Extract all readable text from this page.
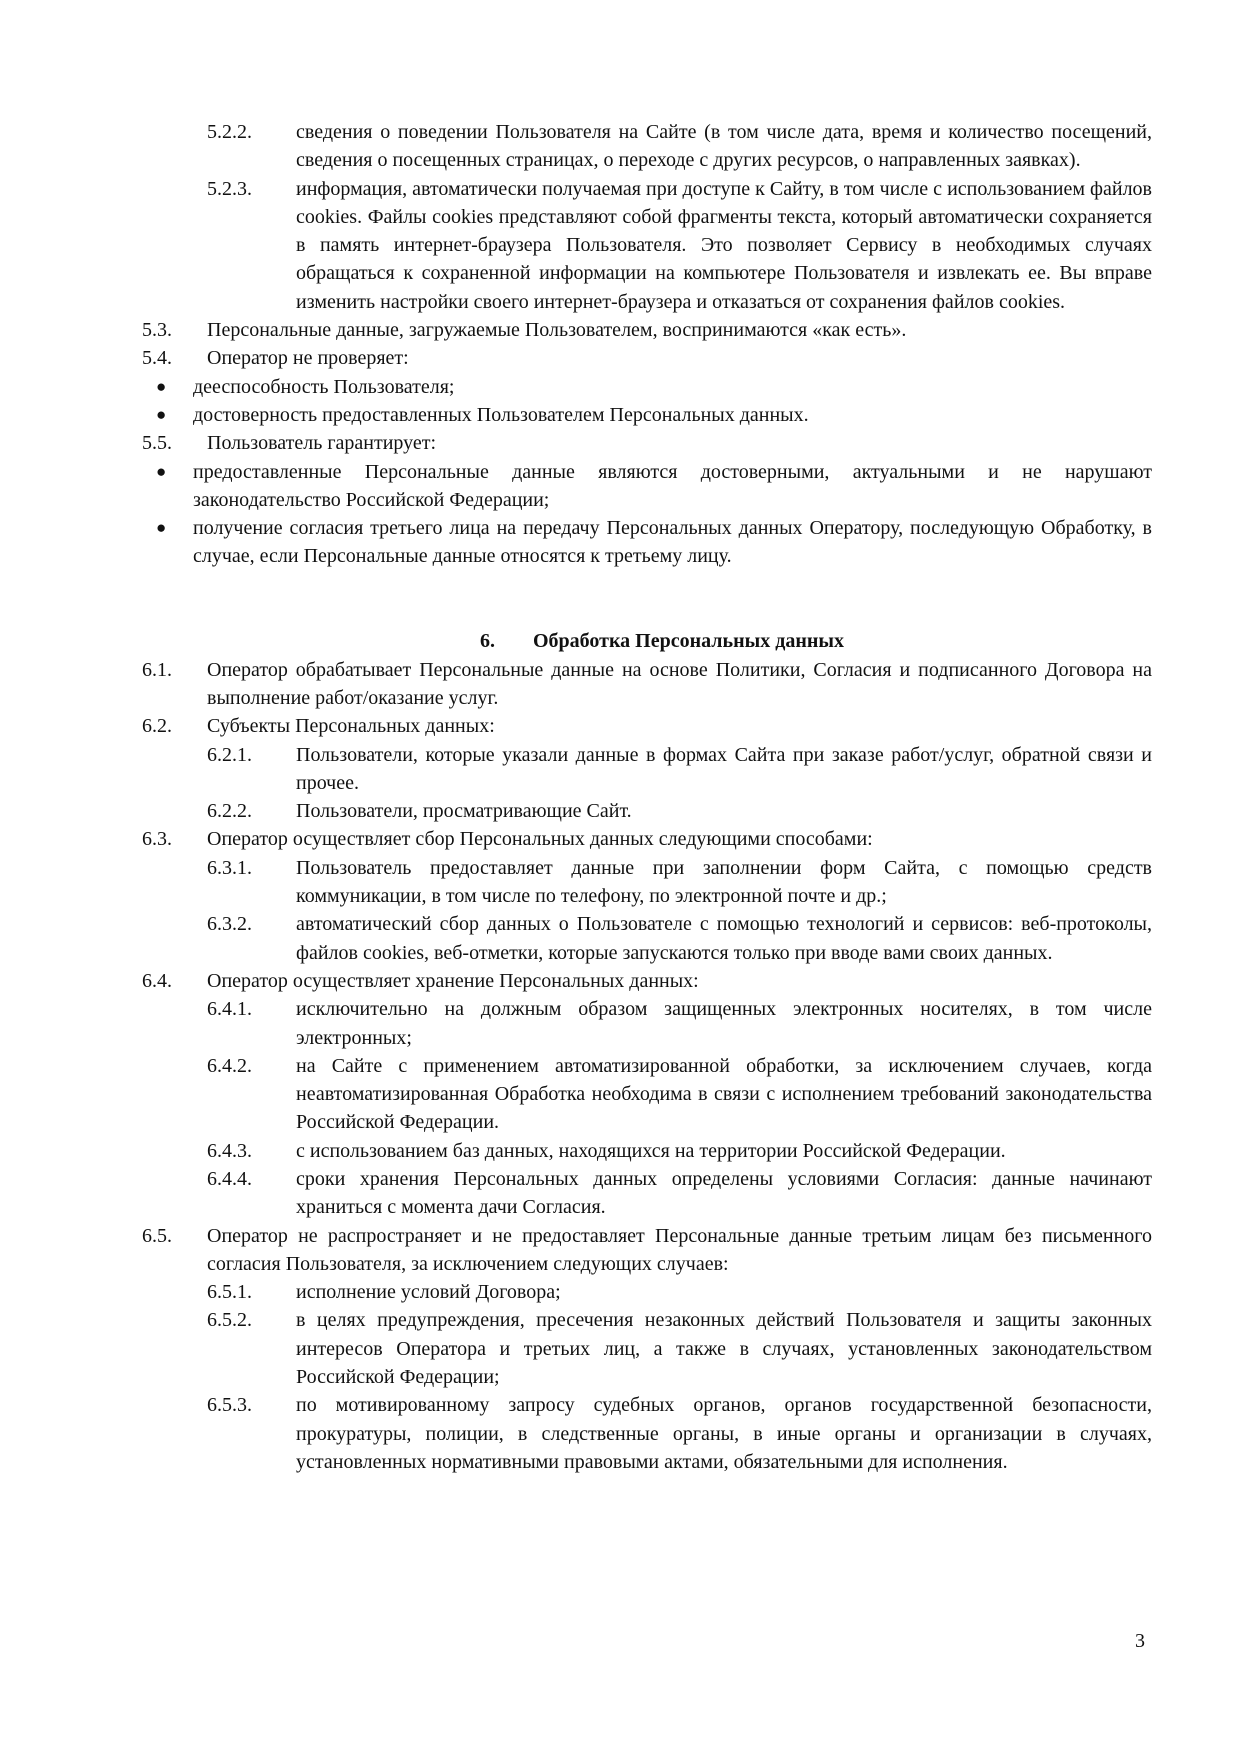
5.2.2. сведения о поведении Пользователя на Сайте (в том числе дата, время и количество посещений, сведения о посещенных страницах, о переходе с других ресурсов, о направленных заявках).
5.2.3. информация, автоматически получаемая при доступе к Сайту, в том числе с использованием файлов cookies. Файлы cookies представляют собой фрагменты текста, который автоматически сохраняется в память интернет-браузера Пользователя. Это позволяет Сервису в необходимых случаях обращаться к сохраненной информации на компьютере Пользователя и извлекать ее. Вы вправе изменить настройки своего интернет-браузера и отказаться от сохранения файлов cookies.
5.3. Персональные данные, загружаемые Пользователем, воспринимаются «как есть».
5.4. Оператор не проверяет:
● дееспособность Пользователя;
● достоверность предоставленных Пользователем Персональных данных.
5.5. Пользователь гарантирует:
● предоставленные Персональные данные являются достоверными, актуальными и не нарушают законодательство Российской Федерации;
● получение согласия третьего лица на передачу Персональных данных Оператору, последующую Обработку, в случае, если Персональные данные относятся к третьему лицу.
6. Обработка Персональных данных
6.1. Оператор обрабатывает Персональные данные на основе Политики, Согласия и подписанного Договора на выполнение работ/оказание услуг.
6.2. Субъекты Персональных данных:
6.2.1. Пользователи, которые указали данные в формах Сайта при заказе работ/услуг, обратной связи и прочее.
6.2.2. Пользователи, просматривающие Сайт.
6.3. Оператор осуществляет сбор Персональных данных следующими способами:
6.3.1. Пользователь предоставляет данные при заполнении форм Сайта, с помощью средств коммуникации, в том числе по телефону, по электронной почте и др.;
6.3.2. автоматический сбор данных о Пользователе с помощью технологий и сервисов: веб-протоколы, файлов cookies, веб-отметки, которые запускаются только при вводе вами своих данных.
6.4. Оператор осуществляет хранение Персональных данных:
6.4.1. исключительно на должным образом защищенных электронных носителях, в том числе электронных;
6.4.2. на Сайте с применением автоматизированной обработки, за исключением случаев, когда неавтоматизированная Обработка необходима в связи с исполнением требований законодательства Российской Федерации.
6.4.3. с использованием баз данных, находящихся на территории Российской Федерации.
6.4.4. сроки хранения Персональных данных определены условиями Согласия: данные начинают храниться с момента дачи Согласия.
6.5. Оператор не распространяет и не предоставляет Персональные данные третьим лицам без письменного согласия Пользователя, за исключением следующих случаев:
6.5.1. исполнение условий Договора;
6.5.2. в целях предупреждения, пресечения незаконных действий Пользователя и защиты законных интересов Оператора и третьих лиц, а также в случаях, установленных законодательством Российской Федерации;
6.5.3. по мотивированному запросу судебных органов, органов государственной безопасности, прокуратуры, полиции, в следственные органы, в иные органы и организации в случаях, установленных нормативными правовыми актами, обязательными для исполнения.
3
